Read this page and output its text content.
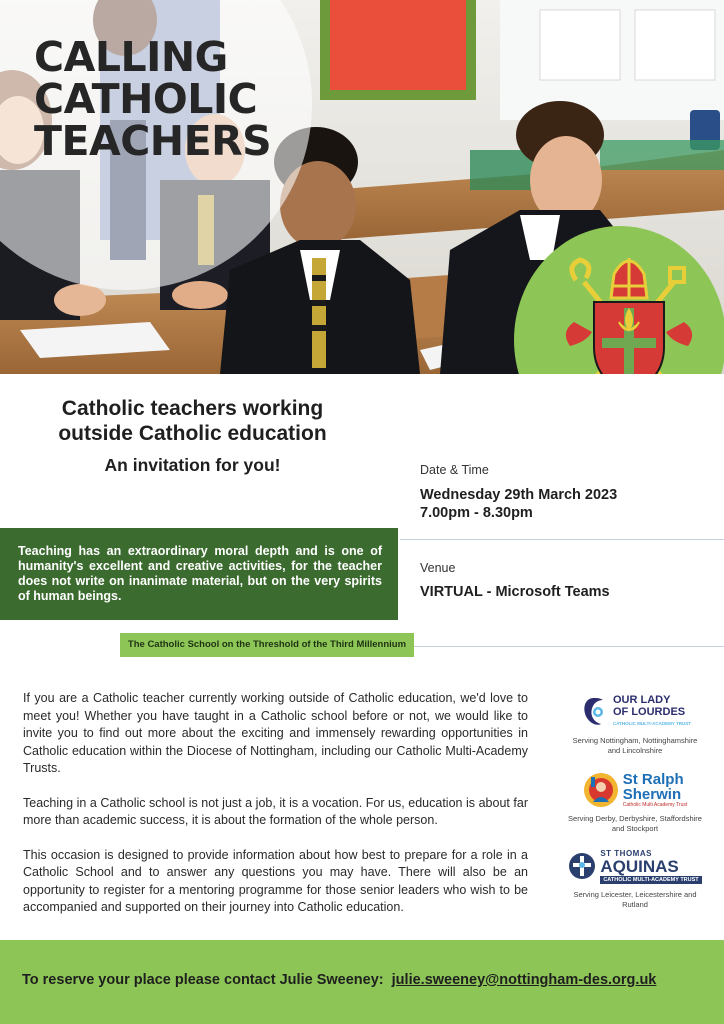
CALLING
CATHOLIC
TEACHERS
Catholic teachers working
outside Catholic education
An invitation for you!	Date & Time
Wednesday 29th March 2023
7.00pm - 8.30pm
Venue
VIRTUAL - Microsoft Teams
Teaching has an extraordinary moral depth and is one of humanity's excellent and creative activities, for the teacher does not write on inanimate material, but on the very spirits of human beings.
The Catholic School on the Threshold of the Third Millennium

If you are a Catholic teacher currently working outside of Catholic education, we'd love to meet you! Whether you have taught in a Catholic school before or not, we would like to invite you to find out more about the exciting and immensely rewarding opportunities in Catholic education within the Diocese of Nottingham, including our Catholic Multi-Academy Trusts.

Teaching in a Catholic school is not just a job, it is a vocation. For us, education is about far more than academic success, it is about the formation of the whole person.

This occasion is designed to provide information about how best to prepare for a role in a Catholic School and to answer any questions you may have. There will also be an opportunity to register for a mentoring programme for those senior leaders who wish to be accompanied and supported on their journey into Catholic education.

OUR LADY
OF LOURDES
CATHOLIC MULTI-ACADEMY TRUST
Serving Nottingham, Nottinghamshire and Lincolnshire
St Ralph
Sherwin
Catholic Multi Academy Trust
Serving Derby, Derbyshire, Staffordshire and Stockport
ST THOMAS
AQUINAS
CATHOLIC MULTI-ACADEMY TRUST
Serving Leicester, Leicestershire and Rutland
To reserve your place please contact Julie Sweeney: julie.sweeney@nottingham-des.org.uk
